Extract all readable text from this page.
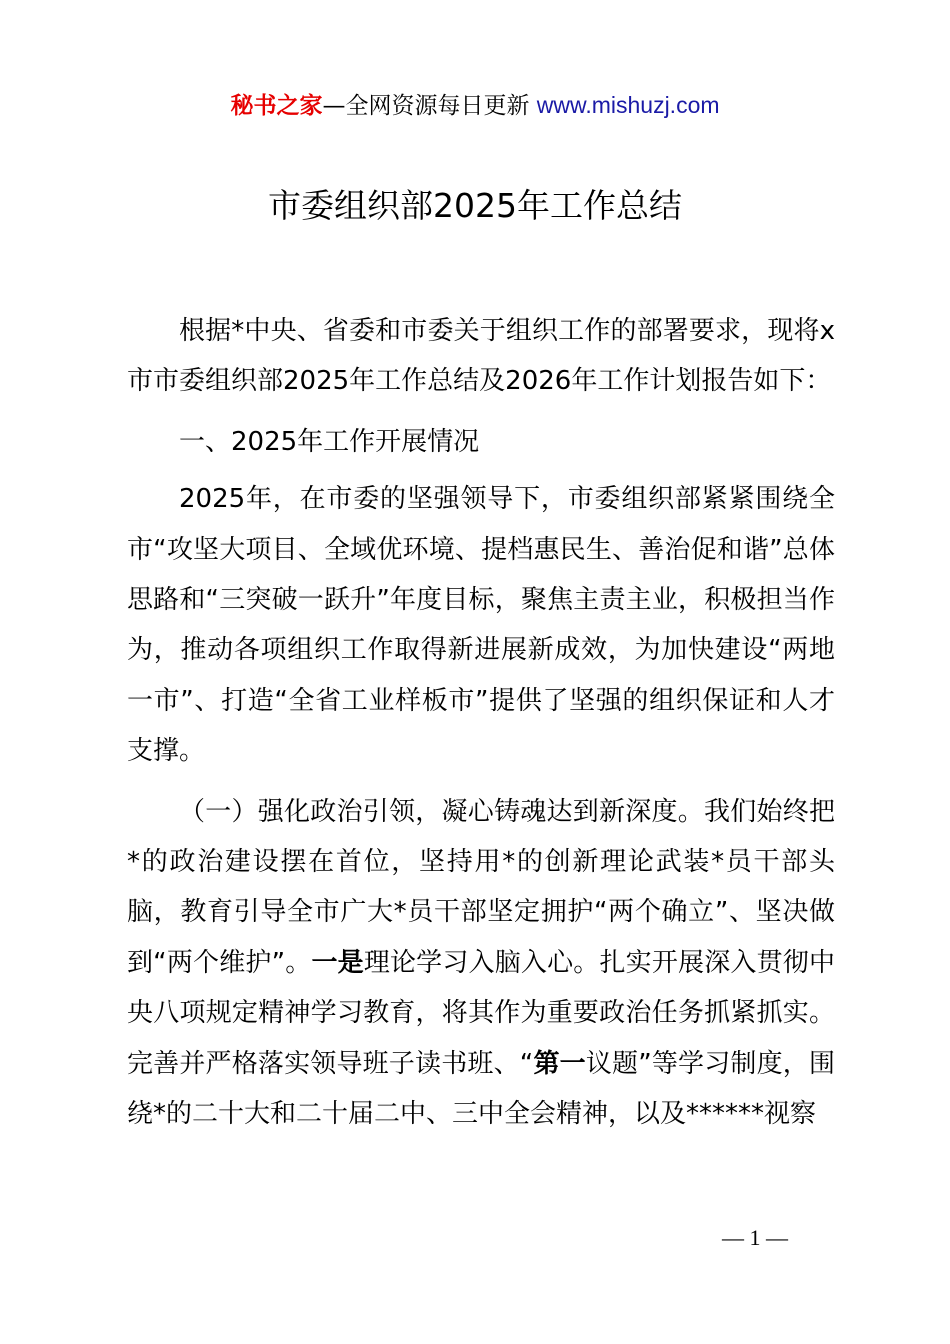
秘书之家—全网资源每日更新 www.mishuzj.com
市委组织部2025年工作总结

根据*中央、省委和市委关于组织工作的部署要求，现将x市市委组织部2025年工作总结及2026年工作计划报告如下：

一、2025年工作开展情况

2025年，在市委的坚强领导下，市委组织部紧紧围绕全市“攻坚大项目、全域优环境、提档惠民生、善治促和谐”总体思路和“三突破一跃升”年度目标，聚焦主责主业，积极担当作为，推动各项组织工作取得新进展新成效，为加快建设“两地一市”、打造“全省工业样板市”提供了坚强的组织保证和人才支撑。

（一）强化政治引领，凝心铸魂达到新深度。我们始终把*的政治建设摆在首位，坚持用*的创新理论武装*员干部头脑，教育引导全市广大*员干部坚定拥护“两个确立”、坚决做到“两个维护”。一是理论学习入脑入心。扎实开展深入贯彻中央八项规定精神学习教育，将其作为重要政治任务抓紧抓实。完善并严格落实领导班子读书班、“第一议题”等学习制度，围绕*的二十大和二十届二中、三中全会精神，以及******视察

— 1 —
